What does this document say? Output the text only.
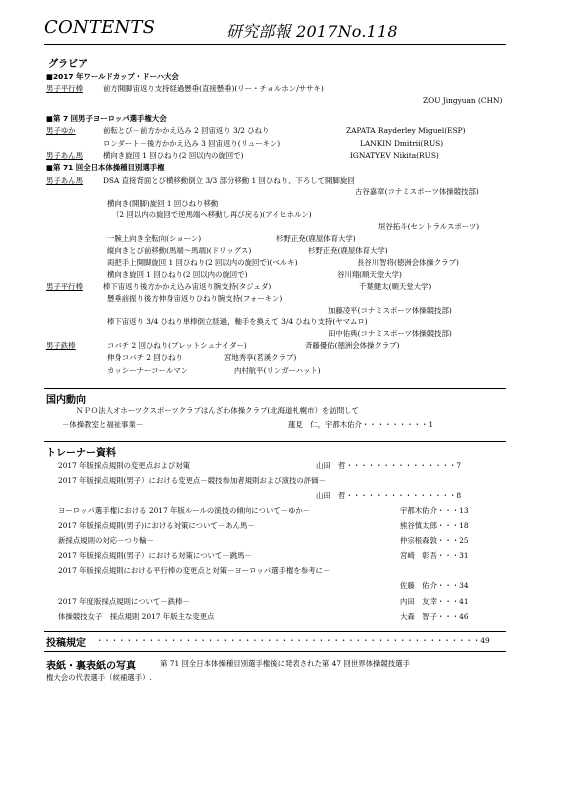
CONTENTS	研究部報 2017No.118
グラビア
■2017 年ワールドカップ・ドーハ大会
男子平行棒	前方開脚宙返り支持経過懸垂(直接懸垂)(リー・チョルホン/ササキ)
ZOU Jingyuan (CHN)
■第 7 回男子ヨーロッパ選手権大会
男子ゆか	前転とび－前方かかえ込み 2 回宙返り 3/2 ひねり	ZAPATA Rayderley Miguel(ESP)
ロンダート－後方かかえ込み 3 回宙返り(リューキン)	LANKIN Dmitrii(RUS)
男子あん馬	横向き旋回 1 回ひねり(2 回以内の旋回で)	IGNATYEV Nikita(RUS)
■第 71 回全日本体操種目別選手権
男子あん馬	DSA 直接背面とび横移動倒立 3/3 部分移動 1 回ひねり、下ろして開脚旋回
古谷嘉章(コナミスポーツ体操競技部)
横向き(開脚)旋回 1 回ひねり移動
（2 回以内の旋回で逆馬端へ移動し再び戻る)(アイヒホルン)
垣谷拓斗(セントラルスポーツ)
一腕上向き全転向(ショーン)	杉野正尭(鹿屋体育大学)
縦向きとび前移動(馬端～馬端)(ドリッグス)	杉野正尭(鹿屋体育大学)
両把手上開脚旋回 1 回ひねり(2 回以内の旋回で)(ベルキ)	長谷川智将(徳洲会体操クラブ)
横向き旋回 1 回ひねり(2 回以内の旋回で)	谷川翔(順天堂大学)
男子平行棒	棒下宙返り後方かかえ込み宙返り腕支持(タジェダ)	千葉健太(順天堂大学)
懸垂前振り後方伸身宙返りひねり腕支持(フォーキン)
加藤凌平(コナミスポーツ体操競技部)
棒下宙返り 3/4 ひねり単棒倒立経過，軸手を換えて 3/4 ひねり支持(ヤマムロ)
田中佑典(コナミスポーツ体操競技部)
男子鉄棒	コバチ 2 回ひねり(ブレットシュナイダー)	斉藤優佑(徳洲会体操クラブ)
伸身コバチ 2 回ひねり	宮地秀享(茗溪クラブ)
カッシーナーコールマン	内村航平(リンガーハット)
国内動向
ＮＰＯ法人オホーツクスポーツクラブはんざわ体操クラブ(北海道札幌市）を訪問して
－体操教室と福祉事業－	蓮見　仁，宇都木佑介・・・・・・・・・1
トレーナー資料
2017 年版採点規則の変更点および対策	山田　哲・・・・・・・・・・・・・・・7
2017 年版採点規則(男子）における変更点－競技参加者規則および演技の評価－
山田　哲・・・・・・・・・・・・・・・8
ヨーロッパ選手権における 2017 年版ルールの演技の傾向について－ゆか－	宇都木佑介・・・13
2017 年版採点規則(男子)における対策について－あん馬－	熊谷慎太郎・・・18
新採点規則の対応－つり輪－	仲宗根森敦・・・25
2017 年版採点規則(男子）における対策について－跳馬－	宮崎　彰吾・・・31
2017 年版採点規則における平行棒の変更点と対策－ヨーロッパ選手権を参考に－
佐藤　佑介・・・34
2017 年度版採点規則について－鉄棒－	内田　友幸・・・41
体操競技女子　採点規則 2017 年版主な変更点	大森　智子・・・46
投稿規定 ・・・・・・・・・・・・・・・・・・・・・・・・・・・・・・・・・・・・・・・・・・・・・・・・・・・・49
表紙・裏表紙の写真	第 71 回全日本体操種目別選手権後に発表された第 47 回世界体操競技選手
権大会の代表選手（候補選手）.
